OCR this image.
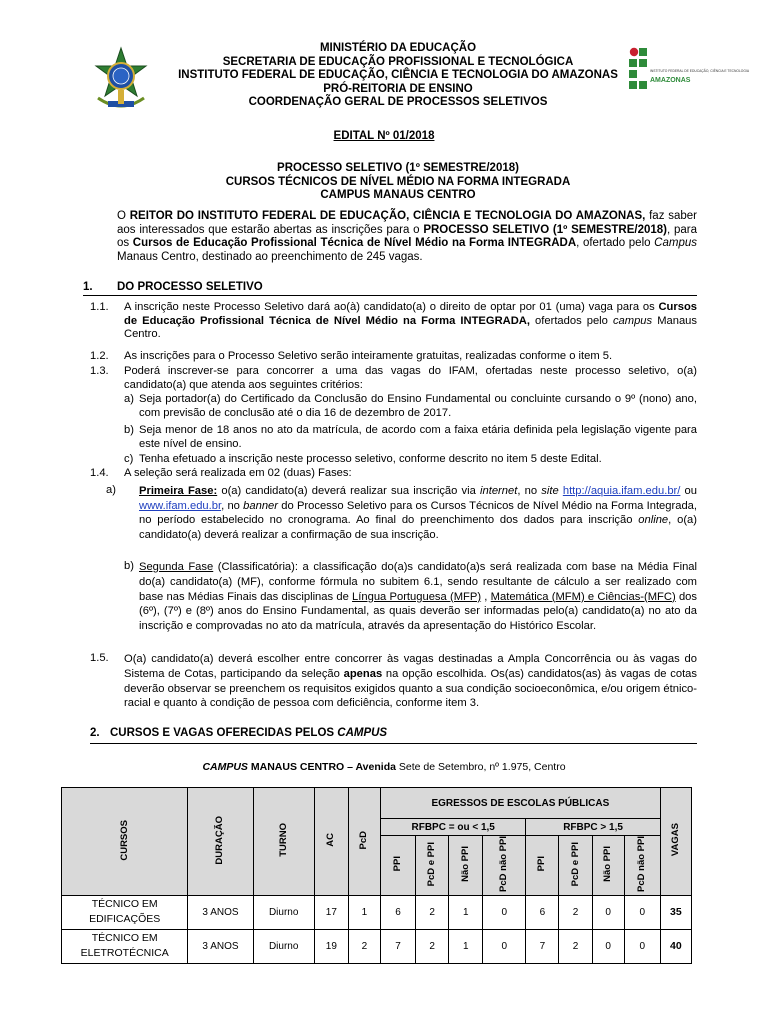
INSTITUTO FEDERAL DE EDUCAÇÃO, CIÊNCIA E TECNOLOGIA
AMAZONAS
MINISTÉRIO DA EDUCAÇÃO
SECRETARIA DE EDUCAÇÃO PROFISSIONAL E TECNOLÓGICA
INSTITUTO FEDERAL DE EDUCAÇÃO, CIÊNCIA E TECNOLOGIA DO AMAZONAS
PRÓ-REITORIA DE ENSINO
COORDENAÇÃO GERAL DE PROCESSOS SELETIVOS
EDITAL Nº 01/2018
PROCESSO SELETIVO (1º SEMESTRE/2018)
CURSOS TÉCNICOS DE NÍVEL MÉDIO NA FORMA INTEGRADA
CAMPUS MANAUS CENTRO
O REITOR DO INSTITUTO FEDERAL DE EDUCAÇÃO, CIÊNCIA E TECNOLOGIA DO AMAZONAS, faz saber aos interessados que estarão abertas as inscrições para o PROCESSO SELETIVO (1º SEMESTRE/2018), para os Cursos de Educação Profissional Técnica de Nível Médio na Forma INTEGRADA, ofertado pelo Campus Manaus Centro, destinado ao preenchimento de 245 vagas.
1. DO PROCESSO SELETIVO
1.1. A inscrição neste Processo Seletivo dará ao(à) candidato(a) o direito de optar por 01 (uma) vaga para os Cursos de Educação Profissional Técnica de Nível Médio na Forma INTEGRADA, ofertados pelo campus Manaus Centro.
1.2. As inscrições para o Processo Seletivo serão inteiramente gratuitas, realizadas conforme o item 5.
1.3. Poderá inscrever-se para concorrer a uma das vagas do IFAM, ofertadas neste processo seletivo, o(a) candidato(a) que atenda aos seguintes critérios:
a) Seja portador(a) do Certificado da Conclusão do Ensino Fundamental ou concluinte cursando o 9º (nono) ano, com previsão de conclusão até o dia 16 de dezembro de 2017.
b) Seja menor de 18 anos no ato da matrícula, de acordo com a faixa etária definida pela legislação vigente para este nível de ensino.
c) Tenha efetuado a inscrição neste processo seletivo, conforme descrito no item 5 deste Edital.
1.4. A seleção será realizada em 02 (duas) Fases:
a) Primeira Fase: o(a) candidato(a) deverá realizar sua inscrição via internet, no site http://aquia.ifam.edu.br/ ou www.ifam.edu.br, no banner do Processo Seletivo para os Cursos Técnicos de Nível Médio na Forma Integrada, no período estabelecido no cronograma. Ao final do preenchimento dos dados para inscrição online, o(a) candidato(a) deverá realizar a confirmação de sua inscrição.
b) Segunda Fase (Classificatória): a classificação do(a)s candidato(a)s será realizada com base na Média Final do(a) candidato(a) (MF), conforme fórmula no subitem 6.1, sendo resultante de cálculo a ser realizado com base nas Médias Finais das disciplinas de Língua Portuguesa (MFP) , Matemática (MFM) e Ciências-(MFC) dos (6º), (7º) e (8º) anos do Ensino Fundamental, as quais deverão ser informadas pelo(a) candidato(a) no ato da inscrição e comprovadas no ato da matrícula, através da apresentação do Histórico Escolar.
1.5. O(a) candidato(a) deverá escolher entre concorrer às vagas destinadas a Ampla Concorrência ou às vagas do Sistema de Cotas, participando da seleção apenas na opção escolhida. Os(as) candidatos(as) às vagas de cotas deverão observar se preenchem os requisitos exigidos quanto a sua condição socioeconômica, e/ou origem étnico-racial e quanto à condição de pessoa com deficiência, conforme item 3.
2. CURSOS E VAGAS OFERECIDAS PELOS CAMPUS
CAMPUS MANAUS CENTRO – Avenida Sete de Setembro, nº 1.975, Centro
CURSOS	DURAÇÃO	TURNO	AC	PcD	EGRESSOS DE ESCOLAS PÚBLICAS								VAGAS
					RFBPC = ou < 1,5				RFBPC > 1,5				
					PPI	PcD e PPI	Não PPI	PcD não PPI	PPI	PcD e PPI	Não PPI	PcD não PPI	
TÉCNICO EM EDIFICAÇÕES	3 ANOS	Diurno	17	1	6	2	1	0	6	2	0	0	35
TÉCNICO EM ELETROTÉCNICA	3 ANOS	Diurno	19	2	7	2	1	0	7	2	0	0	40
